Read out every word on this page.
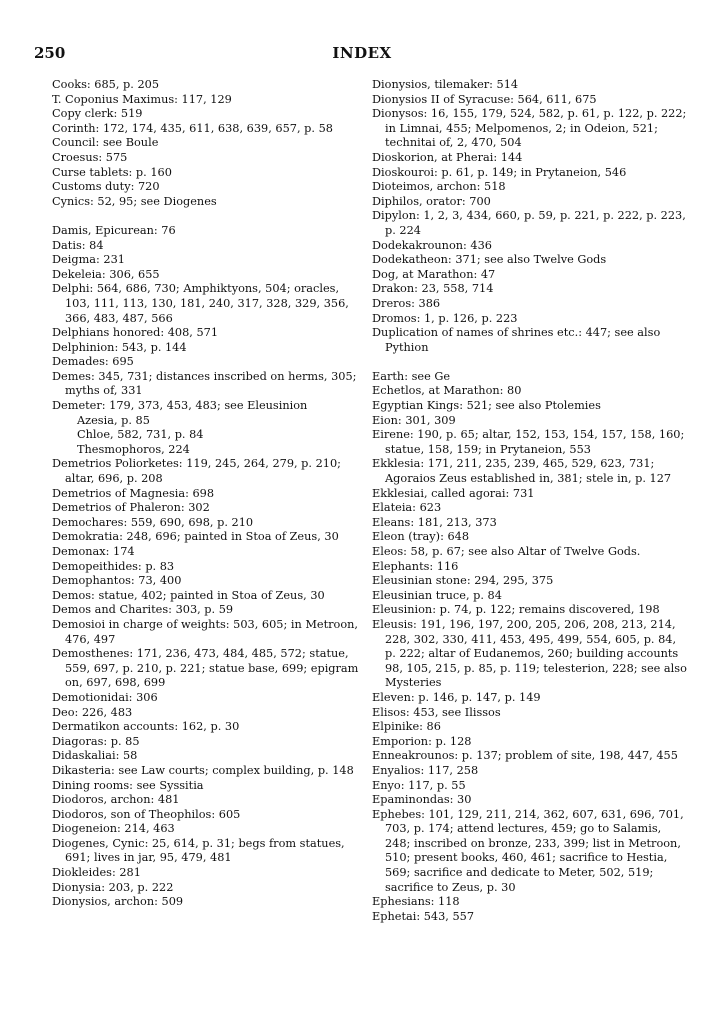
250	INDEX
Cooks: 685, p. 205
T. Coponius Maximus: 117, 129
Copy clerk: 519
Corinth: 172, 174, 435, 611, 638, 639, 657, p. 58
Council: see Boule
Croesus: 575
Curse tablets: p. 160
Customs duty: 720
Cynics: 52, 95; see Diogenes
Damis, Epicurean: 76
Datis: 84
Deigma: 231
Dekeleia: 306, 655
Delphi: 564, 686, 730; Amphiktyons, 504; oracles, 103, 111, 113, 130, 181, 240, 317, 328, 329, 356, 366, 483, 487, 566
Delphians honored: 408, 571
Delphinion: 543, p. 144
Demades: 695
Demes: 345, 731; distances inscribed on herms, 305; myths of, 331
Demeter: 179, 373, 453, 483; see Eleusinion
Azesia, p. 85
Chloe, 582, 731, p. 84
Thesmophoros, 224
Demetrios Poliorketes: 119, 245, 264, 279, p. 210; altar, 696, p. 208
Demetrios of Magnesia: 698
Demetrios of Phaleron: 302
Demochares: 559, 690, 698, p. 210
Demokratia: 248, 696; painted in Stoa of Zeus, 30
Demonax: 174
Demopeithides: p. 83
Demophantos: 73, 400
Demos: statue, 402; painted in Stoa of Zeus, 30
Demos and Charites: 303, p. 59
Demosioi in charge of weights: 503, 605; in Metroon, 476, 497
Demosthenes: 171, 236, 473, 484, 485, 572; statue, 559, 697, p. 210, p. 221; statue base, 699; epigram on, 697, 698, 699
Demotionidai: 306
Deo: 226, 483
Dermatikon accounts: 162, p. 30
Diagoras: p. 85
Didaskaliai: 58
Dikasteria: see Law courts; complex building, p. 148
Dining rooms: see Syssitia
Diodoros, archon: 481
Diodoros, son of Theophilos: 605
Diogeneion: 214, 463
Diogenes, Cynic: 25, 614, p. 31; begs from statues, 691; lives in jar, 95, 479, 481
Diokleides: 281
Dionysia: 203, p. 222
Dionysios, archon: 509
Dionysios, tilemaker: 514
Dionysios II of Syracuse: 564, 611, 675
Dionysos: 16, 155, 179, 524, 582, p. 61, p. 122, p. 222; in Limnai, 455; Melpomenos, 2; in Odeion, 521; technitai of, 2, 470, 504
Dioskorion, at Pherai: 144
Dioskouroi: p. 61, p. 149; in Prytaneion, 546
Dioteimos, archon: 518
Diphilos, orator: 700
Dipylon: 1, 2, 3, 434, 660, p. 59, p. 221, p. 222, p. 223, p. 224
Dodekakrounon: 436
Dodekatheon: 371; see also Twelve Gods
Dog, at Marathon: 47
Drakon: 23, 558, 714
Dreros: 386
Dromos: 1, p. 126, p. 223
Duplication of names of shrines etc.: 447; see also Pythion
Earth: see Ge
Echetlos, at Marathon: 80
Egyptian Kings: 521; see also Ptolemies
Eion: 301, 309
Eirene: 190, p. 65; altar, 152, 153, 154, 157, 158, 160; statue, 158, 159; in Prytaneion, 553
Ekklesia: 171, 211, 235, 239, 465, 529, 623, 731; Agoraios Zeus established in, 381; stele in, p. 127
Ekklesiai, called agorai: 731
Elateia: 623
Eleans: 181, 213, 373
Eleon (tray): 648
Eleos: 58, p. 67; see also Altar of Twelve Gods.
Elephants: 116
Eleusinian stone: 294, 295, 375
Eleusinian truce, p. 84
Eleusinion: p. 74, p. 122; remains discovered, 198
Eleusis: 191, 196, 197, 200, 205, 206, 208, 213, 214, 228, 302, 330, 411, 453, 495, 499, 554, 605, p. 84, p. 222; altar of Eudanemos, 260; building accounts 98, 105, 215, p. 85, p. 119; telesterion, 228; see also Mysteries
Eleven: p. 146, p. 147, p. 149
Elisos: 453, see Ilissos
Elpinike: 86
Emporion: p. 128
Enneakrounos: p. 137; problem of site, 198, 447, 455
Enyalios: 117, 258
Enyo: 117, p. 55
Epaminondas: 30
Ephebes: 101, 129, 211, 214, 362, 607, 631, 696, 701, 703, p. 174; attend lectures, 459; go to Salamis, 248; inscribed on bronze, 233, 399; list in Metroon, 510; present books, 460, 461; sacrifice to Hestia, 569; sacrifice and dedicate to Meter, 502, 519; sacrifice to Zeus, p. 30
Ephesians: 118
Ephetai: 543, 557
